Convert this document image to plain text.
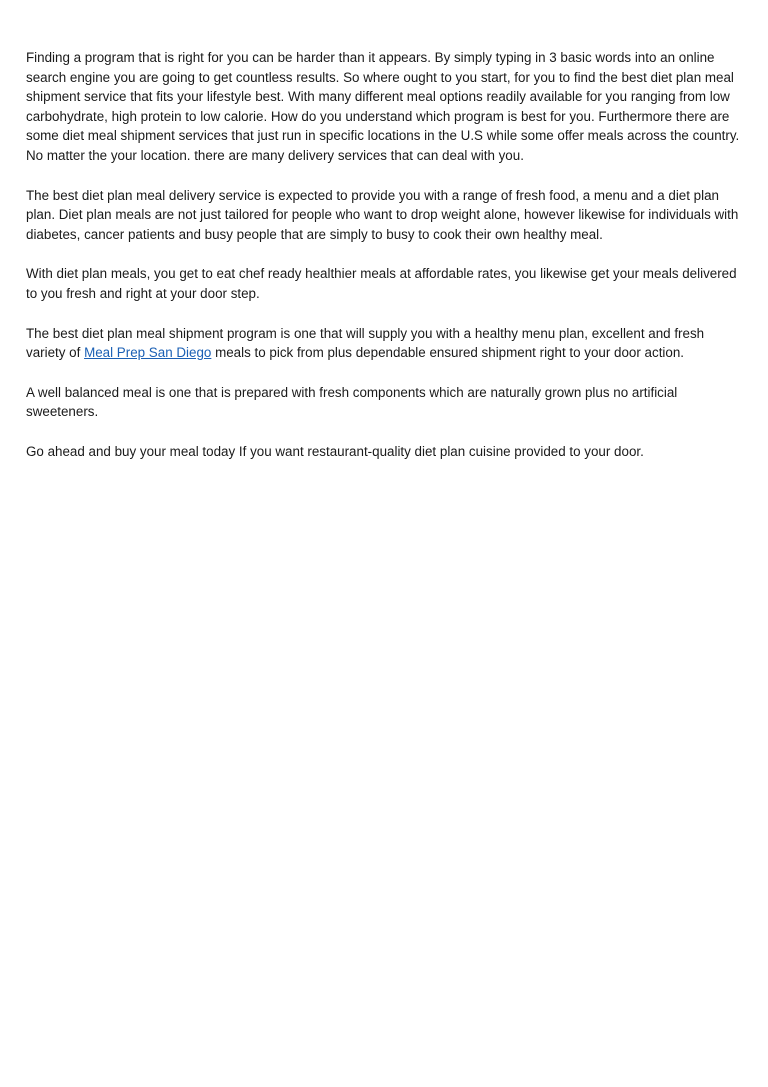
Finding a program that is right for you can be harder than it appears. By simply typing in 3 basic words into an online search engine you are going to get countless results. So where ought to you start, for you to find the best diet plan meal shipment service that fits your lifestyle best. With many different meal options readily available for you ranging from low carbohydrate, high protein to low calorie. How do you understand which program is best for you. Furthermore there are some diet meal shipment services that just run in specific locations in the U.S while some offer meals across the country. No matter the your location. there are many delivery services that can deal with you.

The best diet plan meal delivery service is expected to provide you with a range of fresh food, a menu and a diet plan plan. Diet plan meals are not just tailored for people who want to drop weight alone, however likewise for individuals with diabetes, cancer patients and busy people that are simply to busy to cook their own healthy meal.

With diet plan meals, you get to eat chef ready healthier meals at affordable rates, you likewise get your meals delivered to you fresh and right at your door step.

The best diet plan meal shipment program is one that will supply you with a healthy menu plan, excellent and fresh variety of Meal Prep San Diego meals to pick from plus dependable ensured shipment right to your door action.

A well balanced meal is one that is prepared with fresh components which are naturally grown plus no artificial sweeteners.

Go ahead and buy your meal today If you want restaurant-quality diet plan cuisine provided to your door.
